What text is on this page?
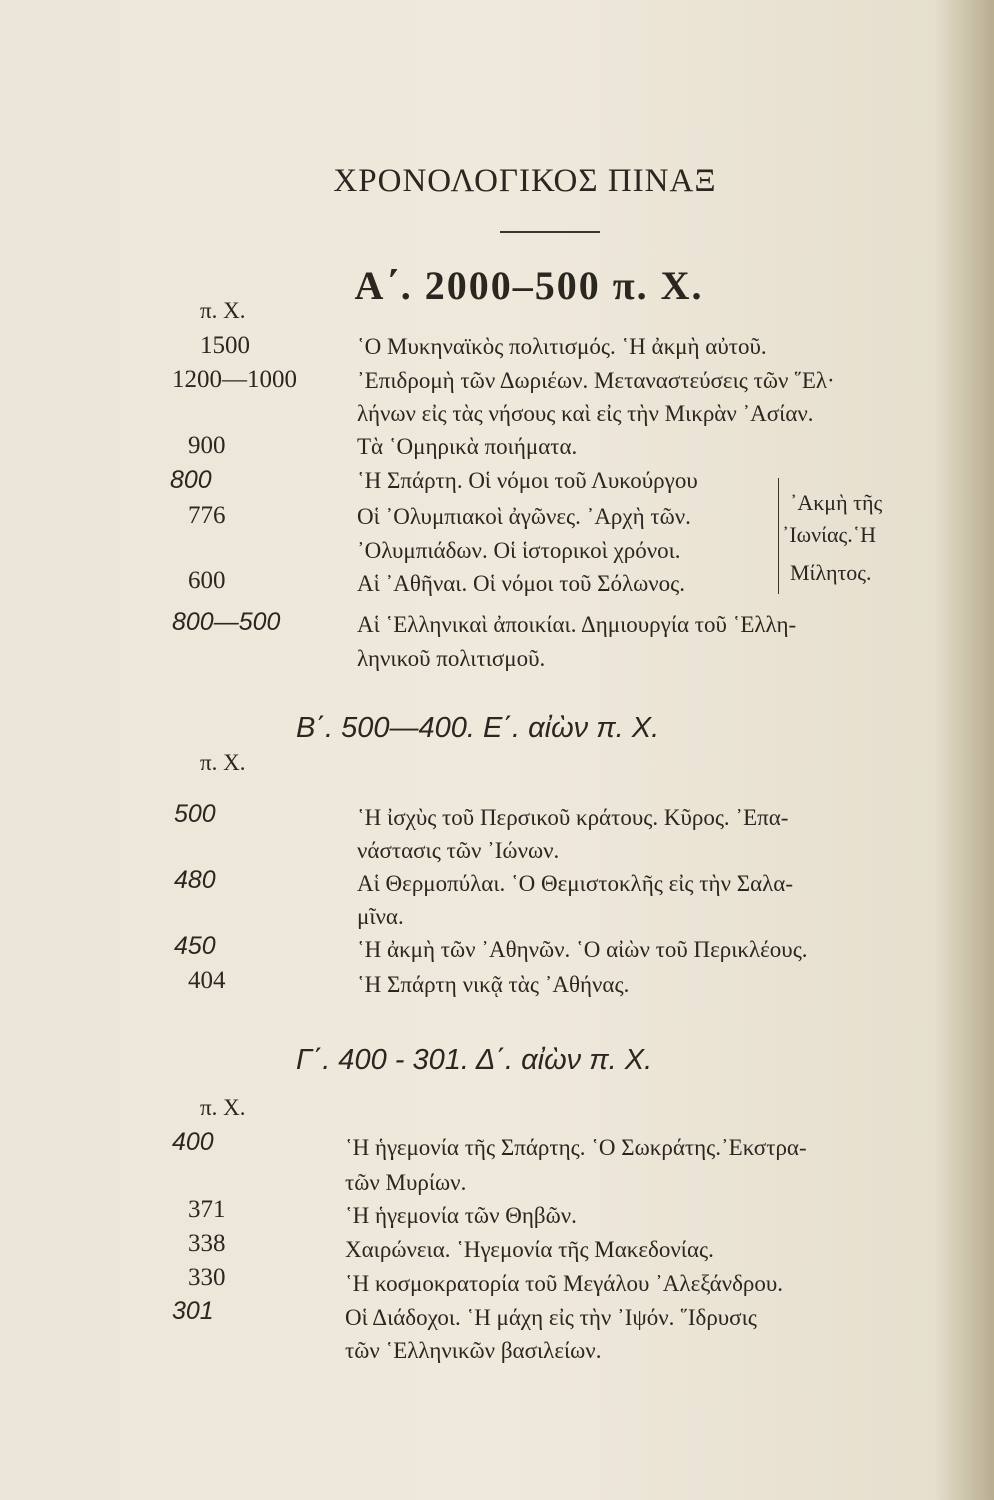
ΧΡΟΝΟΛΟΓΙΚΟΣ ΠΙΝΑΞ
Α΄. 2000–500 π. Χ.
π. Χ.
1500	῾Ο Μυκηναϊκὸς πολιτισμός. ῾Η ἀκμὴ αὐτοῦ.
1200—1000	᾿Επιδρομὴ τῶν Δωριέων. Μεταναστεύσεις τῶν ῞Ελ·
λήνων εἰς τὰς νήσους καὶ εἰς τὴν Μικρὰν ᾿Ασίαν.
900	Τὰ ῾Ομηρικὰ ποιήματα.
800	῾Η Σπάρτη. Οἱ νόμοι τοῦ Λυκούργου
776	Οἱ ᾿Ολυμπιακοὶ ἀγῶνες. ᾿Αρχὴ τῶν.
᾿Ολυμπιάδων. Οἱ ἱστορικοὶ χρόνοι.
600	Αἱ ᾿Αθῆναι. Οἱ νόμοι τοῦ Σόλωνος.
᾿Ακμὴ τῆς
᾿Ιωνίας.῾Η
Μίλητος.
800—500	Αἱ ῾Ελληνικαὶ ἀποικίαι. Δημιουργία τοῦ ῾Ελλη-
ληνικοῦ πολιτισμοῦ.
Β΄. 500—400. Ε΄. αἰὼν π. Χ.
π. Χ.
500	῾Η ἰσχὺς τοῦ Περσικοῦ κράτους. Κῦρος. ᾿Επα-
νάστασις τῶν ᾿Ιώνων.
480	Αἱ Θερμοπύλαι. ῾Ο Θεμιστοκλῆς εἰς τὴν Σαλα-
μῖνα.
450	῾Η ἀκμὴ τῶν ᾿Αθηνῶν. ῾Ο αἰὼν τοῦ Περικλέους.
404	῾Η Σπάρτη νικᾷ τὰς ᾿Αθήνας.
Γ΄. 400 - 301. Δ΄. αἰὼν π. Χ.
π. Χ.
400	῾Η ἡγεμονία τῆς Σπάρτης. ῾Ο Σωκράτης.᾿Εκστρα-
τῶν Μυρίων.
371	῾Η ἡγεμονία τῶν Θηβῶν.
338	Χαιρώνεια. ῾Ηγεμονία τῆς Μακεδονίας.
330	῾Η κοσμοκρατορία τοῦ Μεγάλου ᾿Αλεξάνδρου.
301	Οἱ Διάδοχοι. ῾Η μάχη εἰς τὴν ᾿Ιψόν. ῞Ιδρυσις
τῶν ῾Ελληνικῶν βασιλείων.
